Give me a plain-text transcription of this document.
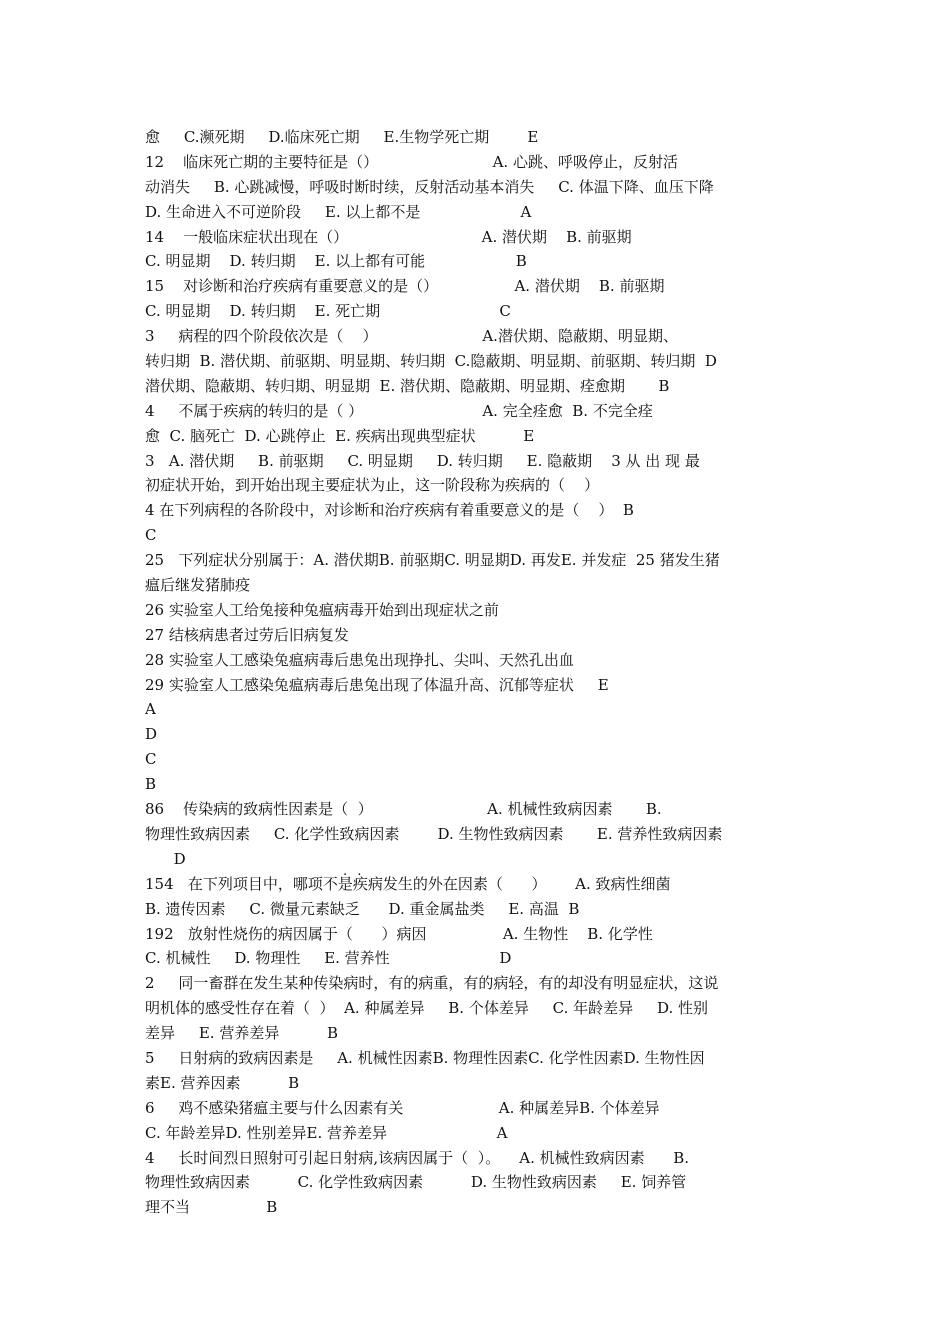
愈     C.濒死期     D.临床死亡期     E.生物学死亡期        E
12    临床死亡期的主要特征是（）                        A. 心跳、呼吸停止，反射活
动消失     B. 心跳减慢，呼吸时断时续，反射活动基本消失     C. 体温下降、血压下降
D. 生命进入不可逆阶段     E. 以上都不是                     A
14    一般临床症状出现在（）                            A. 潜伏期    B. 前驱期
C. 明显期    D. 转归期    E. 以上都有可能                   B
15    对诊断和治疗疾病有重要意义的是（）                A. 潜伏期    B. 前驱期
C. 明显期    D. 转归期    E. 死亡期                         C
3     病程的四个阶段依次是（    ）                      A.潜伏期、隐蔽期、明显期、
转归期  B. 潜伏期、前驱期、明显期、转归期  C.隐蔽期、明显期、前驱期、转归期  D
潜伏期、隐蔽期、转归期、明显期  E. 潜伏期、隐蔽期、明显期、痊愈期       B
4     不属于疾病的转归的是（ ）                         A. 完全痊愈  B. 不完全痊
愈  C. 脑死亡  D. 心跳停止  E. 疾病出现典型症状          E
3   A. 潜伏期     B. 前驱期     C. 明显期     D. 转归期     E. 隐蔽期    3 从 出 现 最
初症状开始，到开始出现主要症状为止，这一阶段称为疾病的（    ）
4 在下列病程的各阶段中，对诊断和治疗疾病有着重要意义的是（    ）  B
C
25   下列症状分别属于：A. 潜伏期B. 前驱期C. 明显期D. 再发E. 并发症  25 猪发生猪
瘟后继发猪肺疫
26 实验室人工给兔接种兔瘟病毒开始到出现症状之前
27 结核病患者过劳后旧病复发
28 实验室人工感染兔瘟病毒后患兔出现挣扎、尖叫、天然孔出血
29 实验室人工感染兔瘟病毒后患兔出现了体温升高、沉郁等症状     E
A
D
C
B
86    传染病的致病性因素是（  ）                        A. 机械性致病因素       B.
物理性致病因素     C. 化学性致病因素        D. 生物性致病因素       E. 营养性致病因素
D
. .
154   在下列项目中，哪项不是疾病发生的外在因素（      ）      A. 致病性细菌
B. 遗传因素     C. 微量元素缺乏      D. 重金属盐类     E. 高温  B
192   放射性烧伤的病因属于（      ）病因                A. 生物性    B. 化学性
C. 机械性     D. 物理性     E. 营养性                       D
2     同一畜群在发生某种传染病时，有的病重，有的病轻，有的却没有明显症状，这说
明机体的感受性存在着（  ）  A. 种属差异     B. 个体差异     C. 年龄差异     D. 性别
差异     E. 营养差异          B
5     日射病的致病因素是     A. 机械性因素B. 物理性因素C. 化学性因素D. 生物性因
素E. 营养因素          B
6     鸡不感染猪瘟主要与什么因素有关                    A. 种属差异B. 个体差异
C. 年龄差异D. 性别差异E. 营养差异                       A
4     长时间烈日照射可引起日射病,该病因属于（  ）。    A. 机械性致病因素      B.
物理性致病因素          C. 化学性致病因素          D. 生物性致病因素     E. 饲养管
理不当                B
